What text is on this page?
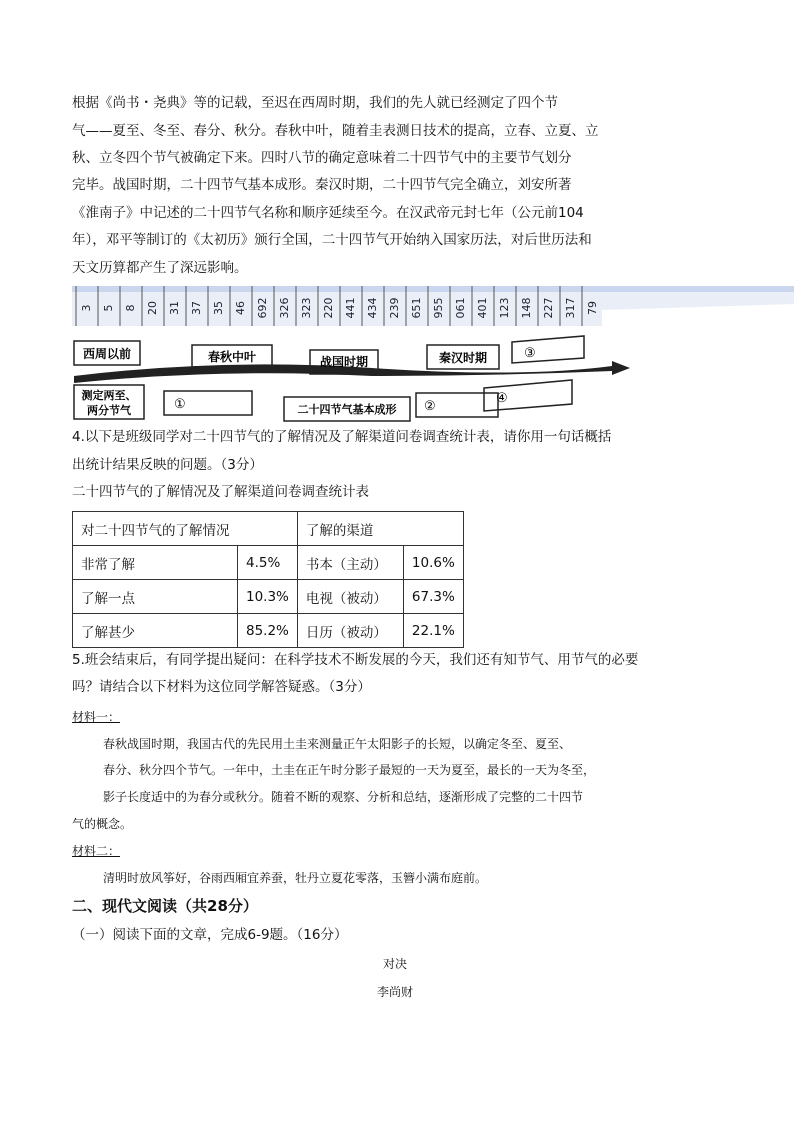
根据《尚书・尧典》等的记载，至迟在西周时期，我们的先人就已经测定了四个节
气——夏至、冬至、春分、秋分。春秋中叶，随着圭表测日技术的提高，立春、立夏、立
秋、立冬四个节气被确定下来。四时八节的确定意味着二十四节气中的主要节气划分
完毕。战国时期，二十四节气基本成形。秦汉时期，二十四节气完全确立，刘安所著
《淮南子》中记述的二十四节气名称和顺序延续至今。在汉武帝元封七年（公元前104
年），邓平等制订的《太初历》颁行全国，二十四节气开始纳入国家历法，对后世历法和
天文历算都产生了深远影响。
3 5 8 20 31 37 35 46 692 326 323 220 441 434 239 651 955 061 401 123 148 227 317 79
西周以前	春秋中叶	战国时期	秦汉时期	③
测定两至、两分节气	①	二十四节气基本成形 ②
④
4.以下是班级同学对二十四节气的了解情况及了解渠道问卷调查统计表，请你用一句话概括
出统计结果反映的问题。（3分）
二十四节气的了解情况及了解渠道问卷调查统计表
对二十四节气的了解情况		了解的渠道	
非常了解	4.5%	书本（主动）	10.6%
了解一点	10.3%	电视（被动）	67.3%
了解甚少	85.2%	日历（被动）	22.1%
5.班会结束后，有同学提出疑问：在科学技术不断发展的今天，我们还有知节气、用节气的必要
吗？请结合以下材料为这位同学解答疑惑。（3分）
材料一：
春秋战国时期，我国古代的先民用土圭来测量正午太阳影子的长短，以确定冬至、夏至、
春分、秋分四个节气。一年中，土圭在正午时分影子最短的一天为夏至，最长的一天为冬至，
影子长度适中的为春分或秋分。随着不断的观察、分析和总结，逐渐形成了完整的二十四节
气的概念。
材料二：
清明时放风筝好，谷雨西厢宜养蚕，牡丹立夏花零落，玉簪小满布庭前。
二、现代文阅读（共28分）
（一）阅读下面的文章，完成6-9题。（16分）
对决
李尚财
